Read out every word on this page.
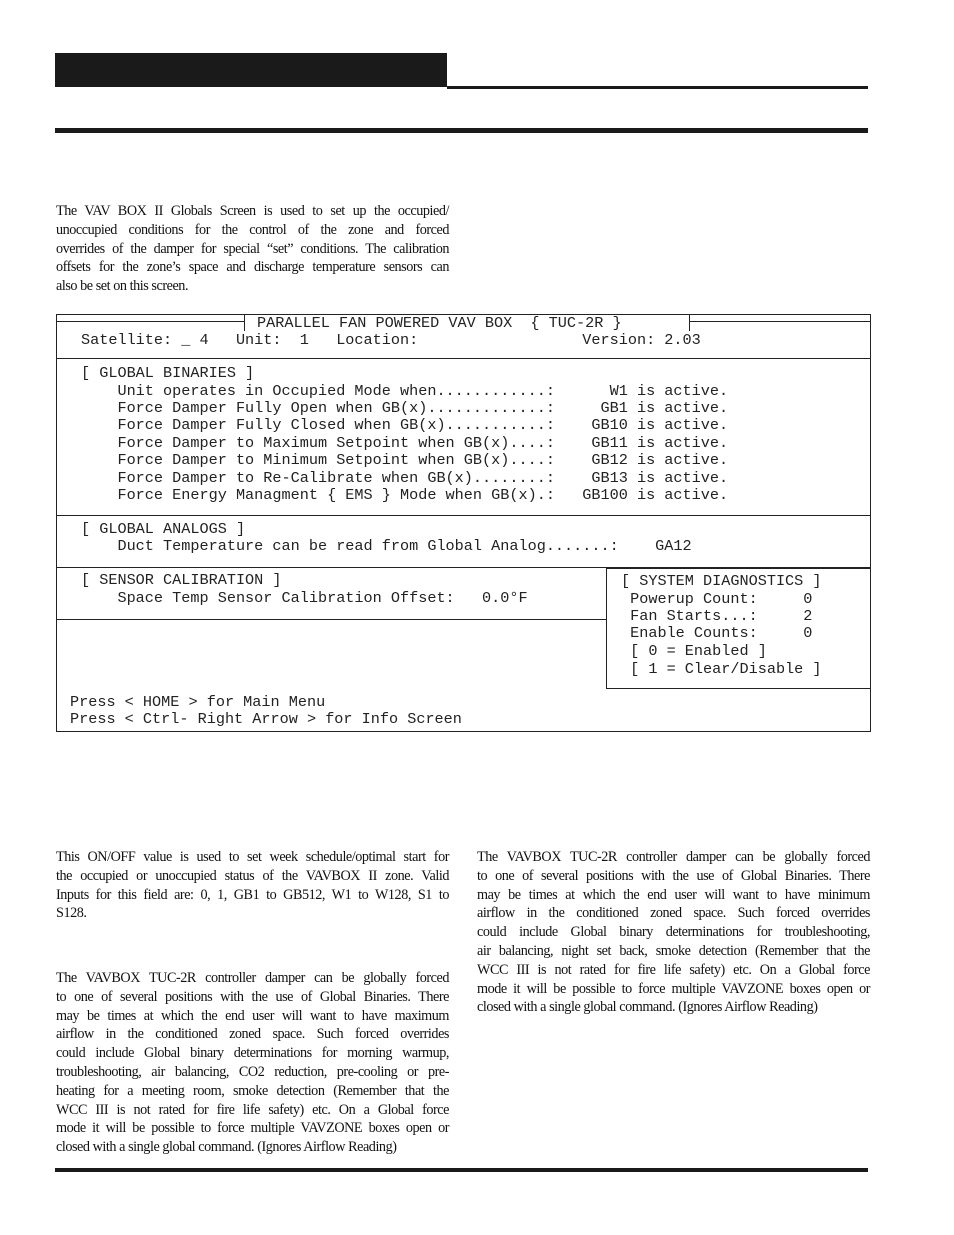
The VAV BOX II Globals Screen is used to set up the occupied/
unoccupied conditions for the control of the zone and forced
overrides of the damper for special “set” conditions. The calibration
offsets for the zone’s space and discharge temperature sensors can
also be set on this screen.
PARALLEL FAN POWERED VAV BOX  { TUC-2R }
Satellite: _ 4   Unit:  1   Location:                  Version: 2.03
[ GLOBAL BINARIES ]
Unit operates in Occupied Mode when............:      W1 is active.
Force Damper Fully Open when GB(x).............:     GB1 is active.
Force Damper Fully Closed when GB(x)...........:    GB10 is active.
Force Damper to Maximum Setpoint when GB(x)....:    GB11 is active.
Force Damper to Minimum Setpoint when GB(x)....:    GB12 is active.
Force Damper to Re-Calibrate when GB(x)........:    GB13 is active.
Force Energy Managment { EMS } Mode when GB(x).:   GB100 is active.
[ GLOBAL ANALOGS ]
Duct Temperature can be read from Global Analog.......:    GA12
[ SENSOR CALIBRATION ]
Space Temp Sensor Calibration Offset:   0.0°F
[ SYSTEM DIAGNOSTICS ]
Powerup Count:     0
Fan Starts...:     2
Enable Counts:     0
[ 0 = Enabled ]
[ 1 = Clear/Disable ]
Press < HOME > for Main Menu
Press < Ctrl- Right Arrow > for Info Screen
This ON/OFF value is used to set week schedule/optimal start for
the occupied or unoccupied status of the VAVBOX II zone. Valid
Inputs for this field are: 0, 1, GB1 to GB512, W1 to W128, S1 to
S128.
The VAVBOX TUC-2R controller damper can be globally forced
to one of several positions with the use of Global Binaries. There
may be times at which the end user will want to have maximum
airflow in the conditioned zoned space. Such forced overrides
could include Global binary determinations for morning warmup,
troubleshooting, air balancing, CO2 reduction, pre-cooling or pre-
heating for a meeting room, smoke detection (Remember that the
WCC III is not rated for fire life safety) etc. On a Global force
mode it will be possible to force multiple VAVZONE boxes open or
closed with a single global command. (Ignores Airflow Reading)
The VAVBOX TUC-2R controller damper can be globally forced
to one of several positions with the use of Global Binaries. There
may be times at which the end user will want to have minimum
airflow in the conditioned zoned space. Such forced overrides
could include Global binary determinations for troubleshooting,
air balancing, night set back, smoke detection (Remember that the
WCC III is not rated for fire life safety) etc. On a Global force
mode it will be possible to force multiple VAVZONE boxes open or
closed with a single global command. (Ignores Airflow Reading)
